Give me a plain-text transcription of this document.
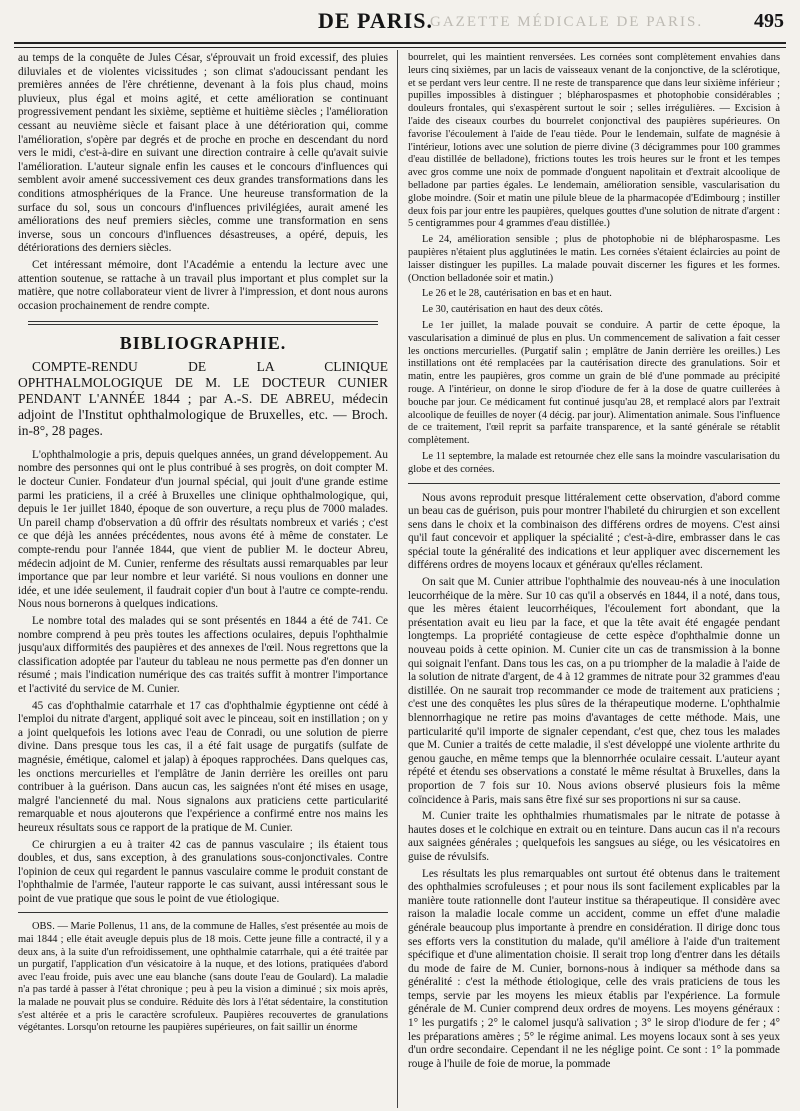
GAZETTE MÉDICALE DE PARIS.
DE PARIS.	495

au temps de la conquête de Jules César, s'éprouvait un froid excessif, des pluies diluviales et de violentes vicissitudes ; son climat s'adoucissant pendant les premières années de l'ère chrétienne, devenant à la fois plus chaud, moins pluvieux, plus égal et moins agité, et cette amélioration se continuant progressivement pendant les sixième, septième et huitième siècles ; l'amélioration cessant au neuvième siècle et faisant place à une détérioration qui, comme l'amélioration, s'opère par degrés et de proche en proche en descendant du nord vers le midi, c'est-à-dire en suivant une direction contraire à celle qu'avait suivie l'amélioration. L'auteur signale enfin les causes et le concours d'influences qui semblent avoir amené successivement ces deux grandes transformations dans les conditions atmosphériques de la France. Une heureuse transformation de la surface du sol, sous un concours d'influences privilégiées, aurait amené les améliorations des neuf premiers siècles, comme une transformation en sens inverse, sous un concours d'influences désastreuses, a opéré, depuis, les détériorations des derniers siècles.

Cet intéressant mémoire, dont l'Académie a entendu la lecture avec une attention soutenue, se rattache à un travail plus important et plus complet sur la matière, que notre collaborateur vient de livrer à l'impression, et dont nous aurons occasion prochainement de rendre compte.

BIBLIOGRAPHIE.

COMPTE-RENDU DE LA CLINIQUE OPHTHALMOLOGIQUE DE M. LE DOCTEUR CUNIER PENDANT L'ANNÉE 1844 ; par A.-S. DE ABREU, médecin adjoint de l'Institut ophthalmologique de Bruxelles, etc. — Broch. in-8°, 28 pages.

L'ophthalmologie a pris, depuis quelques années, un grand développement. Au nombre des personnes qui ont le plus contribué à ses progrès, on doit compter M. le docteur Cunier. Fondateur d'un journal spécial, qui jouit d'une grande estime parmi les praticiens, il a créé à Bruxelles une clinique ophthalmologique, qui, depuis le 1er juillet 1840, époque de son ouverture, a reçu plus de 7000 malades. Un pareil champ d'observation a dû offrir des résultats nombreux et variés ; c'est ce que déjà les années précédentes, nous avons été à même de constater. Le compte-rendu pour l'année 1844, que vient de publier M. le docteur Abreu, médecin adjoint de M. Cunier, renferme des résultats aussi remarquables par leur importance que par leur nombre et leur variété. Si nous voulions en donner une idée, et une idée seulement, il faudrait copier d'un bout à l'autre ce compte-rendu. Nous nous bornerons à quelques indications.

Le nombre total des malades qui se sont présentés en 1844 a été de 741. Ce nombre comprend à peu près toutes les affections oculaires, depuis l'ophthalmie jusqu'aux difformités des paupières et des annexes de l'œil. Nous regrettons que la classification adoptée par l'auteur du tableau ne nous permette pas d'en donner un résumé ; mais l'indication numérique des cas traités suffit à montrer l'importance et l'activité du service de M. Cunier.

45 cas d'ophthalmie catarrhale et 17 cas d'ophthalmie égyptienne ont cédé à l'emploi du nitrate d'argent, appliqué soit avec le pinceau, soit en instillation ; on y a joint quelquefois les lotions avec l'eau de Conradi, ou une solution de pierre divine. Dans presque tous les cas, il a été fait usage de purgatifs (sulfate de magnésie, émétique, calomel et jalap) à époques rapprochées. Dans quelques cas, les onctions mercurielles et l'emplâtre de Janin derrière les oreilles ont paru contribuer à la guérison. Dans aucun cas, les saignées n'ont été mises en usage, malgré l'ancienneté du mal. Nous signalons aux praticiens cette particularité remarquable et nous ajouterons que l'expérience a confirmé entre nos mains les heureux résultats sous ce rapport de la pratique de M. Cunier.

Ce chirurgien a eu à traiter 42 cas de pannus vasculaire ; ils étaient tous doubles, et dus, sans exception, à des granulations sous-conjonctivales. Contre l'opinion de ceux qui regardent le pannus vasculaire comme le produit constant de l'ophthalmie de l'armée, l'auteur rapporte le cas suivant, aussi intéressant sous le point de vue pratique que sous le point de vue étiologique.

OBS. — Marie Pollenus, 11 ans, de la commune de Halles, s'est présentée au mois de mai 1844 ; elle était aveugle depuis plus de 18 mois. Cette jeune fille a contracté, il y a deux ans, à la suite d'un refroidissement, une ophthalmie catarrhale, qui a été traitée par un purgatif, l'application d'un vésicatoire à la nuque, et des lotions, pratiquées d'abord avec l'eau froide, puis avec une eau blanche (sans doute l'eau de Goulard). La maladie n'a pas tardé à passer à l'état chronique ; peu à peu la vision a diminué ; six mois après, la malade ne pouvait plus se conduire. Réduite dès lors à l'état sédentaire, la constitution s'est altérée et a pris le caractère scrofuleux. Paupières recouvertes de granulations végétantes. Lorsqu'on retourne les paupières supérieures, on fait saillir un énorme

bourrelet, qui les maintient renversées. Les cornées sont complètement envahies dans leurs cinq sixièmes, par un lacis de vaisseaux venant de la conjonctive, de la sclérotique, et se perdant vers leur centre. Il ne reste de transparence que dans leur sixième inférieur ; pupilles impossibles à distinguer ; blépharospasmes et photophobie considérables ; douleurs frontales, qui s'exaspèrent surtout le soir ; selles irrégulières. — Excision à l'aide des ciseaux courbes du bourrelet conjonctival des paupières supérieures. On favorise l'écoulement à l'aide de l'eau tiède. Pour le lendemain, sulfate de magnésie à l'intérieur, lotions avec une solution de pierre divine (3 décigrammes pour 100 grammes d'eau distillée de belladone), frictions toutes les trois heures sur le front et les tempes avec gros comme une noix de pommade d'onguent napolitain et d'extrait alcoolique de belladone par parties égales. Le lendemain, amélioration sensible, vascularisation du globe moindre. (Soir et matin une pilule bleue de la pharmacopée d'Edimbourg ; instiller deux fois par jour entre les paupières, quelques gouttes d'une solution de nitrate d'argent : 5 centigrammes pour 4 grammes d'eau distillée.)

Le 24, amélioration sensible ; plus de photophobie ni de blépharospasme. Les paupières n'étaient plus agglutinées le matin. Les cornées s'étaient éclaircies au point de laisser distinguer les pupilles. La malade pouvait discerner les figures et les formes. (Onction belladonée soir et matin.)

Le 26 et le 28, cautérisation en bas et en haut.

Le 30, cautérisation en haut des deux côtés.

Le 1er juillet, la malade pouvait se conduire. A partir de cette époque, la vascularisation a diminué de plus en plus. Un commencement de salivation a fait cesser les onctions mercurielles. (Purgatif salin ; emplâtre de Janin derrière les oreilles.) Les instillations ont été remplacées par la cautérisation directe des granulations. Soir et matin, entre les paupières, gros comme un grain de blé d'une pommade au précipité rouge. A l'intérieur, on donne le sirop d'iodure de fer à la dose de quatre cuillerées à bouche par jour. Ce médicament fut continué jusqu'au 28, et remplacé alors par l'extrait alcoolique de feuilles de noyer (4 décig. par jour). Alimentation animale. Sous l'influence de ce traitement, l'œil reprit sa parfaite transparence, et la santé générale se rétablit complètement.

Le 11 septembre, la malade est retournée chez elle sans la moindre vascularisation du globe et des cornées.

Nous avons reproduit presque littéralement cette observation, d'abord comme un beau cas de guérison, puis pour montrer l'habileté du chirurgien et son excellent sens dans le choix et la combinaison des différens ordres de moyens. C'est ainsi qu'il faut concevoir et appliquer la spécialité ; c'est-à-dire, embrasser dans le cas spécial toute la généralité des indications et leur appliquer avec discernement les différens ordres de moyens locaux et généraux qu'elles réclament.

On sait que M. Cunier attribue l'ophthalmie des nouveau-nés à une inoculation leucorrhéique de la mère. Sur 10 cas qu'il a observés en 1844, il a noté, dans tous, que les mères étaient leucorrhéiques, l'écoulement fort abondant, que la présentation avait eu lieu par la face, et que la tête avait été engagée pendant longtemps. La propriété contagieuse de cette espèce d'ophthalmie donne un nouveau poids à cette opinion. M. Cunier cite un cas de transmission à la bonne qui soignait l'enfant. Dans tous les cas, on a pu triompher de la maladie à l'aide de la solution de nitrate d'argent, de 4 à 12 grammes de nitrate pour 32 grammes d'eau distillée. On ne saurait trop recommander ce mode de traitement aux praticiens ; c'est une des conquêtes les plus sûres de la thérapeutique moderne. L'ophthalmie blennorrhagique ne retire pas moins d'avantages de cette méthode. Mais, une particularité qu'il importe de signaler cependant, c'est que, chez tous les malades que M. Cunier a traités de cette maladie, il s'est développé une violente arthrite du genou gauche, en même temps que la blennorrhée oculaire cessait. L'auteur ayant répété et étendu ses observations a constaté le même résultat à Bruxelles, dans la proportion de 7 fois sur 10. Nous avions observé plusieurs fois la même coïncidence à Paris, mais sans être fixé sur ses proportions ni sur sa cause.

M. Cunier traite les ophthalmies rhumatismales par le nitrate de potasse à hautes doses et le colchique en extrait ou en teinture. Dans aucun cas il n'a recours aux saignées générales ; quelquefois les sangsues au siége, ou les vésicatoires en guise de révulsifs.

Les résultats les plus remarquables ont surtout été obtenus dans le traitement des ophthalmies scrofuleuses ; et pour nous ils sont facilement explicables par la manière toute rationnelle dont l'auteur institue sa thérapeutique. Il considère avec raison la maladie locale comme un accident, comme un effet d'une maladie générale beaucoup plus importante à prendre en considération. Il dirige donc tous ses efforts vers la constitution du malade, qu'il améliore à l'aide d'un traitement spécifique et d'une alimentation choisie. Il serait trop long d'entrer dans les détails du mode de faire de M. Cunier, bornons-nous à indiquer sa méthode dans sa généralité : c'est la méthode étiologique, celle des vrais praticiens de tous les temps, servie par les moyens les mieux établis par l'expérience. La formule générale de M. Cunier comprend deux ordres de moyens. Les moyens généraux : 1° les purgatifs ; 2° le calomel jusqu'à salivation ; 3° le sirop d'iodure de fer ; 4° les préparations amères ; 5° le régime animal. Les moyens locaux sont à ses yeux d'un ordre secondaire. Cependant il ne les néglige point. Ce sont : 1° la pommade rouge à l'huile de foie de morue, la pommade
